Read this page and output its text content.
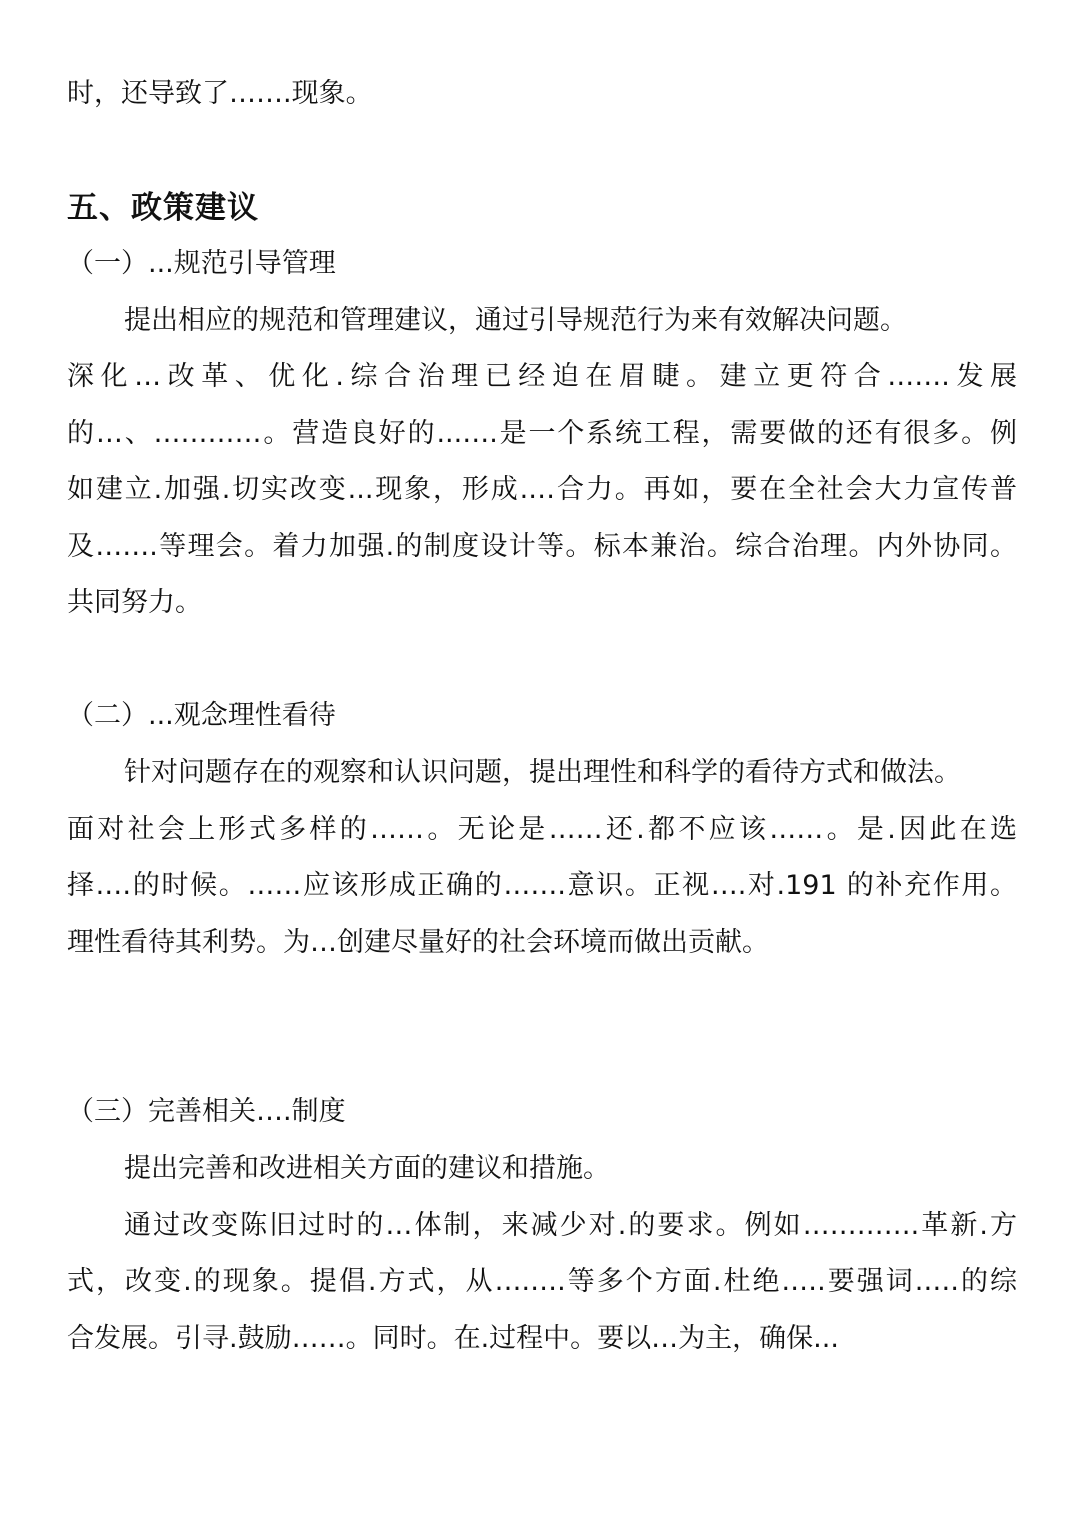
时，还导致了…….现象。

五、政策建议

（一）...规范引导管理

提出相应的规范和管理建议，通过引导规范行为来有效解决问题。

深化…改革、优化.综合治理已经迫在眉睫。建立更符合…….发展

的…、…………。营造良好的...….是一个系统工程，需要做的还有很多。例

如建立.加强.切实改变...现象，形成.…合力。再如，要在全社会大力宣传普

及…….等理会。着力加强.的制度设计等。标本兼治。综合治理。内外协同。

共同努力。

（二）...观念理性看待

针对问题存在的观察和认识问题，提出理性和科学的看待方式和做法。

面对社会上形式多样的……。无论是……还.都不应该……。是.因此在选

择.…的时候。……应该形成正确的…….意识。正视….对.191 的补充作用。

理性看待其利势。为…创建尽量好的社会环境而做出贡献。

（三）完善相关….制度

提出完善和改进相关方面的建议和措施。

通过改变陈旧过时的…体制，来减少对.的要求。例如………….革新.方

式，改变.的现象。提倡.方式，从….….等多个方面.杜绝.….要强词.….的综

合发展。引寻.鼓励……。同时。在.过程中。要以…为主，确保...
